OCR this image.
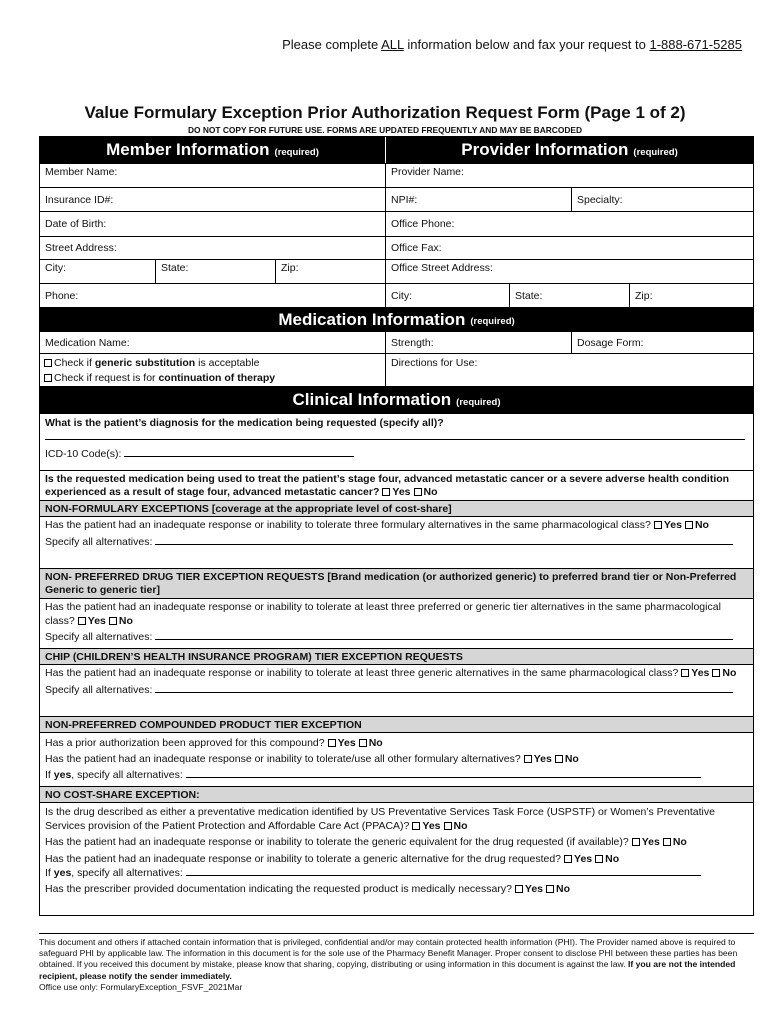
Please complete ALL information below and fax your request to 1-888-671-5285
Value Formulary Exception Prior Authorization Request Form (Page 1 of 2)
DO NOT COPY FOR FUTURE USE. FORMS ARE UPDATED FREQUENTLY AND MAY BE BARCODED
Member Information (required)	Provider Information (required)
Member Name:	Provider Name:
Insurance ID#:	NPI#:	Specialty:
Date of Birth:	Office Phone:
Street Address:	Office Fax:
City:	State:	Zip:	Office Street Address:
Phone:	City:	State:	Zip:
Medication Information (required)
Medication Name:	Strength:	Dosage Form:
Check if generic substitution is acceptable
Check if request is for continuation of therapy
Directions for Use:
Clinical Information (required)
What is the patient’s diagnosis for the medication being requested (specify all)?
ICD-10 Code(s):
Is the requested medication being used to treat the patient’s stage four, advanced metastatic cancer or a severe adverse health condition experienced as a result of stage four, advanced metastatic cancer? Yes No
NON-FORMULARY EXCEPTIONS [coverage at the appropriate level of cost-share]
Has the patient had an inadequate response or inability to tolerate three formulary alternatives in the same pharmacological class? Yes No
Specify all alternatives:
NON- PREFERRED DRUG TIER EXCEPTION REQUESTS [Brand medication (or authorized generic) to preferred brand tier or Non-Preferred Generic to generic tier]
Has the patient had an inadequate response or inability to tolerate at least three preferred or generic tier alternatives in the same pharmacological class? Yes No
Specify all alternatives:
CHIP (CHILDREN’S HEALTH INSURANCE PROGRAM) TIER EXCEPTION REQUESTS
Has the patient had an inadequate response or inability to tolerate at least three generic alternatives in the same pharmacological class? Yes No
Specify all alternatives:
NON-PREFERRED COMPOUNDED PRODUCT TIER EXCEPTION
Has a prior authorization been approved for this compound? Yes No
Has the patient had an inadequate response or inability to tolerate/use all other formulary alternatives? Yes No
If yes, specify all alternatives:
NO COST-SHARE EXCEPTION:
Is the drug described as either a preventative medication identified by US Preventative Services Task Force (USPSTF) or Women’s Preventative Services provision of the Patient Protection and Affordable Care Act (PPACA)? Yes No
Has the patient had an inadequate response or inability to tolerate the generic equivalent for the drug requested (if available)? Yes No
Has the patient had an inadequate response or inability to tolerate a generic alternative for the drug requested? Yes No
If yes, specify all alternatives:
Has the prescriber provided documentation indicating the requested product is medically necessary? Yes No
This document and others if attached contain information that is privileged, confidential and/or may contain protected health information (PHI). The Provider named above is required to safeguard PHI by applicable law. The information in this document is for the sole use of the Pharmacy Benefit Manager. Proper consent to disclose PHI between these parties has been obtained. If you received this document by mistake, please know that sharing, copying, distributing or using information in this document is against the law. If you are not the intended recipient, please notify the sender immediately.
Office use only: FormularyException_FSVF_2021Mar
